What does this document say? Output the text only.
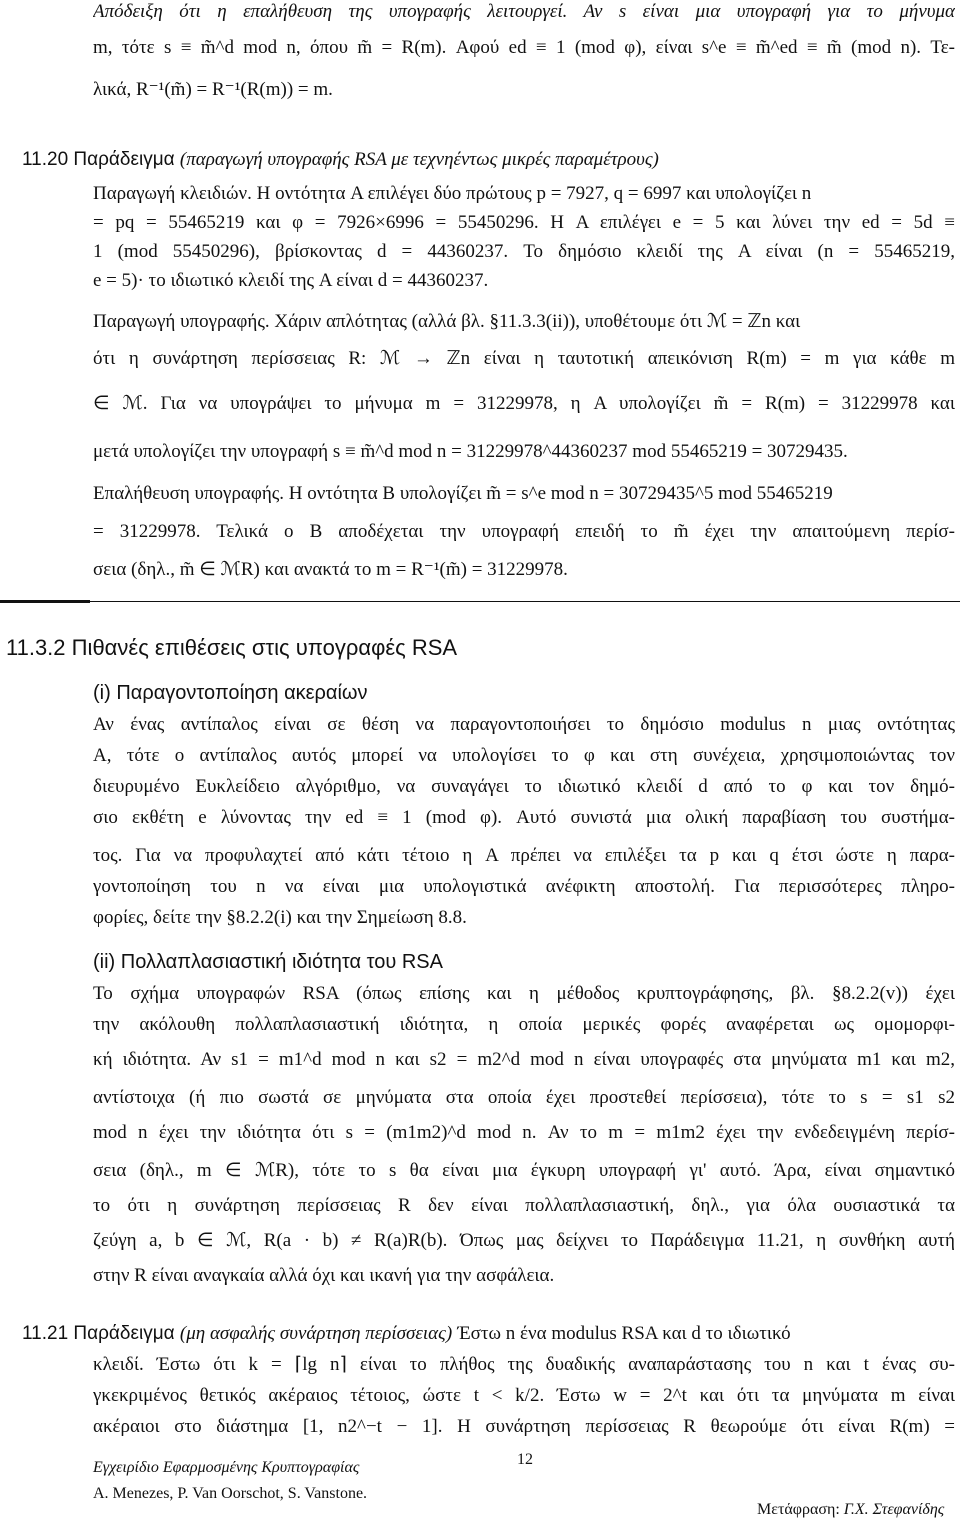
Απόδειξη ότι η επαλήθευση της υπογραφής λειτουργεί. Αν s είναι μια υπογραφή για το μήνυμα

m, τότε s ≡ m̃^d mod n, όπου m̃ = R(m). Αφού ed ≡ 1 (mod φ), είναι s^e ≡ m̃^ed ≡ m̃ (mod n). Τε-

λικά, R⁻¹(m̃) = R⁻¹(R(m)) = m.

11.20 Παράδειγμα (παραγωγή υπογραφής RSA με τεχνηέντως μικρές παραμέτρους)

Παραγωγή κλειδιών. Η οντότητα A επιλέγει δύο πρώτους p = 7927, q = 6997 και υπολογίζει n

= pq = 55465219 και φ = 7926×6996 = 55450296. Η A επιλέγει e = 5 και λύνει την ed = 5d ≡

1 (mod 55450296), βρίσκοντας d = 44360237. Το δημόσιο κλειδί της A είναι (n = 55465219,

e = 5)· το ιδιωτικό κλειδί της A είναι d = 44360237.

Παραγωγή υπογραφής. Χάριν απλότητας (αλλά βλ. §11.3.3(ii)), υποθέτουμε ότι ℳ = ℤn και

ότι η συνάρτηση περίσσειας R: ℳ → ℤn είναι η ταυτοτική απεικόνιση R(m) = m για κάθε m

∈ ℳ. Για να υπογράψει το μήνυμα m = 31229978, η A υπολογίζει m̃ = R(m) = 31229978 και

μετά υπολογίζει την υπογραφή s ≡ m̃^d mod n = 31229978^44360237 mod 55465219 = 30729435.

Επαλήθευση υπογραφής. Η οντότητα B υπολογίζει m̃ = s^e mod n = 30729435^5 mod 55465219

= 31229978. Τελικά ο B αποδέχεται την υπογραφή επειδή το m̃ έχει την απαιτούμενη περίσ-

σεια (δηλ., m̃ ∈ ℳR) και ανακτά το m = R⁻¹(m̃) = 31229978.

11.3.2 Πιθανές επιθέσεις στις υπογραφές RSA
(i) Παραγοντοποίηση ακεραίων

Αν ένας αντίπαλος είναι σε θέση να παραγοντοποιήσει το δημόσιο modulus n μιας οντότητας

A, τότε ο αντίπαλος αυτός μπορεί να υπολογίσει το φ και στη συνέχεια, χρησιμοποιώντας τον

διευρυμένο Ευκλείδειο αλγόριθμο, να συναγάγει το ιδιωτικό κλειδί d από το φ και τον δημό-

σιο εκθέτη e λύνοντας την ed ≡ 1 (mod φ). Αυτό συνιστά μια ολική παραβίαση του συστήμα-

τος. Για να προφυλαχτεί από κάτι τέτοιο η A πρέπει να επιλέξει τα p και q έτσι ώστε η παρα-

γοντοποίηση του n να είναι μια υπολογιστικά ανέφικτη αποστολή. Για περισσότερες πληρο-

φορίες, δείτε την §8.2.2(i) και την Σημείωση 8.8.

(ii) Πολλαπλασιαστική ιδιότητα του RSA

Το σχήμα υπογραφών RSA (όπως επίσης και η μέθοδος κρυπτογράφησης, βλ. §8.2.2(v)) έχει

την ακόλουθη πολλαπλασιαστική ιδιότητα, η οποία μερικές φορές αναφέρεται ως ομομορφι-

κή ιδιότητα. Αν s1 = m1^d mod n και s2 = m2^d mod n είναι υπογραφές στα μηνύματα m1 και m2,

αντίστοιχα (ή πιο σωστά σε μηνύματα στα οποία έχει προστεθεί περίσσεια), τότε το s = s1 s2

mod n έχει την ιδιότητα ότι s = (m1m2)^d mod n. Αν το m = m1m2 έχει την ενδεδειγμένη περίσ-

σεια (δηλ., m ∈ ℳR), τότε το s θα είναι μια έγκυρη υπογραφή γι' αυτό. Άρα, είναι σημαντικό

το ότι η συνάρτηση περίσσειας R δεν είναι πολλαπλασιαστική, δηλ., για όλα ουσιαστικά τα

ζεύγη a, b ∈ ℳ, R(a · b) ≠ R(a)R(b). Όπως μας δείχνει το Παράδειγμα 11.21, η συνθήκη αυτή

στην R είναι αναγκαία αλλά όχι και ικανή για την ασφάλεια.

11.21 Παράδειγμα (μη ασφαλής συνάρτηση περίσσειας) Έστω n ένα modulus RSA και d το ιδιωτικό

κλειδί. Έστω ότι k = ⌈lg n⌉ είναι το πλήθος της δυαδικής αναπαράστασης του n και t ένας συ-

γκεκριμένος θετικός ακέραιος τέτοιος, ώστε t < k/2. Έστω w = 2^t και ότι τα μηνύματα m είναι

ακέραιοι στο διάστημα [1, n2^−t − 1]. Η συνάρτηση περίσσειας R θεωρούμε ότι είναι R(m) =

Εγχειρίδιο Εφαρμοσμένης Κρυπτογραφίας	12
A. Menezes, P. Van Oorschot, S. Vanstone.
Μετάφραση: Γ.Χ. Στεφανίδης
